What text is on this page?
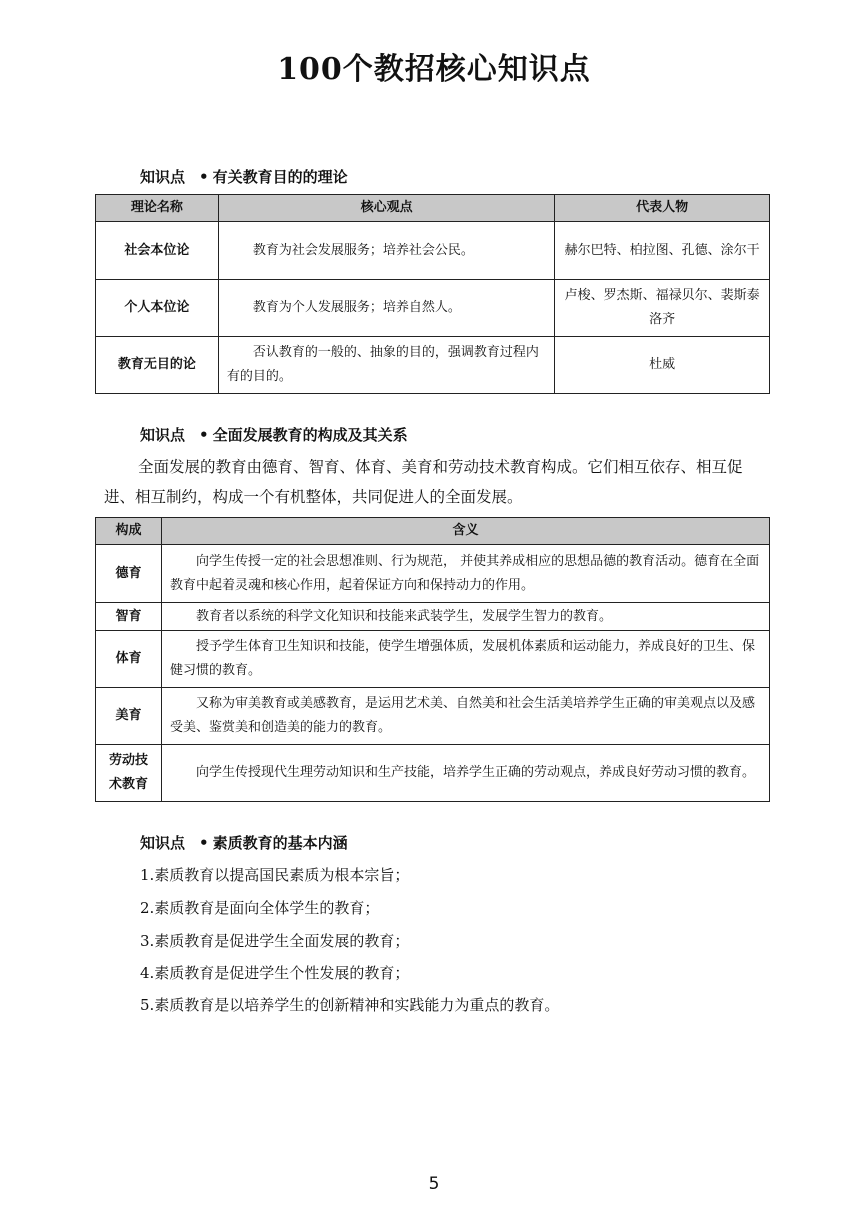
100个教招核心知识点
知识点 • 有关教育目的的理论
理论名称	核心观点	代表人物
社会本位论	教育为社会发展服务；培养社会公民。	赫尔巴特、柏拉图、孔德、涂尔干
个人本位论	教育为个人发展服务；培养自然人。	卢梭、罗杰斯、福禄贝尔、裴斯泰洛齐
教育无目的论	否认教育的一般的、抽象的目的，强调教育过程内有的目的。	杜威
知识点 • 全面发展教育的构成及其关系
全面发展的教育由德育、智育、体育、美育和劳动技术教育构成。它们相互依存、相互促进、相互制约，构成一个有机整体，共同促进人的全面发展。
构成	含义
德育	向学生传授一定的社会思想准则、行为规范， 并使其养成相应的思想品德的教育活动。德育在全面教育中起着灵魂和核心作用，起着保证方向和保持动力的作用。
智育	教育者以系统的科学文化知识和技能来武装学生，发展学生智力的教育。
体育	授予学生体育卫生知识和技能，使学生增强体质，发展机体素质和运动能力，养成良好的卫生、保健习惯的教育。
美育	又称为审美教育或美感教育，是运用艺术美、自然美和社会生活美培养学生正确的审美观点以及感受美、鉴赏美和创造美的能力的教育。
劳动技术教育	向学生传授现代生理劳动知识和生产技能，培养学生正确的劳动观点，养成良好劳动习惯的教育。
知识点 • 素质教育的基本内涵
1.素质教育以提高国民素质为根本宗旨；
2.素质教育是面向全体学生的教育；
3.素质教育是促进学生全面发展的教育；
4.素质教育是促进学生个性发展的教育；
5.素质教育是以培养学生的创新精神和实践能力为重点的教育。
5
